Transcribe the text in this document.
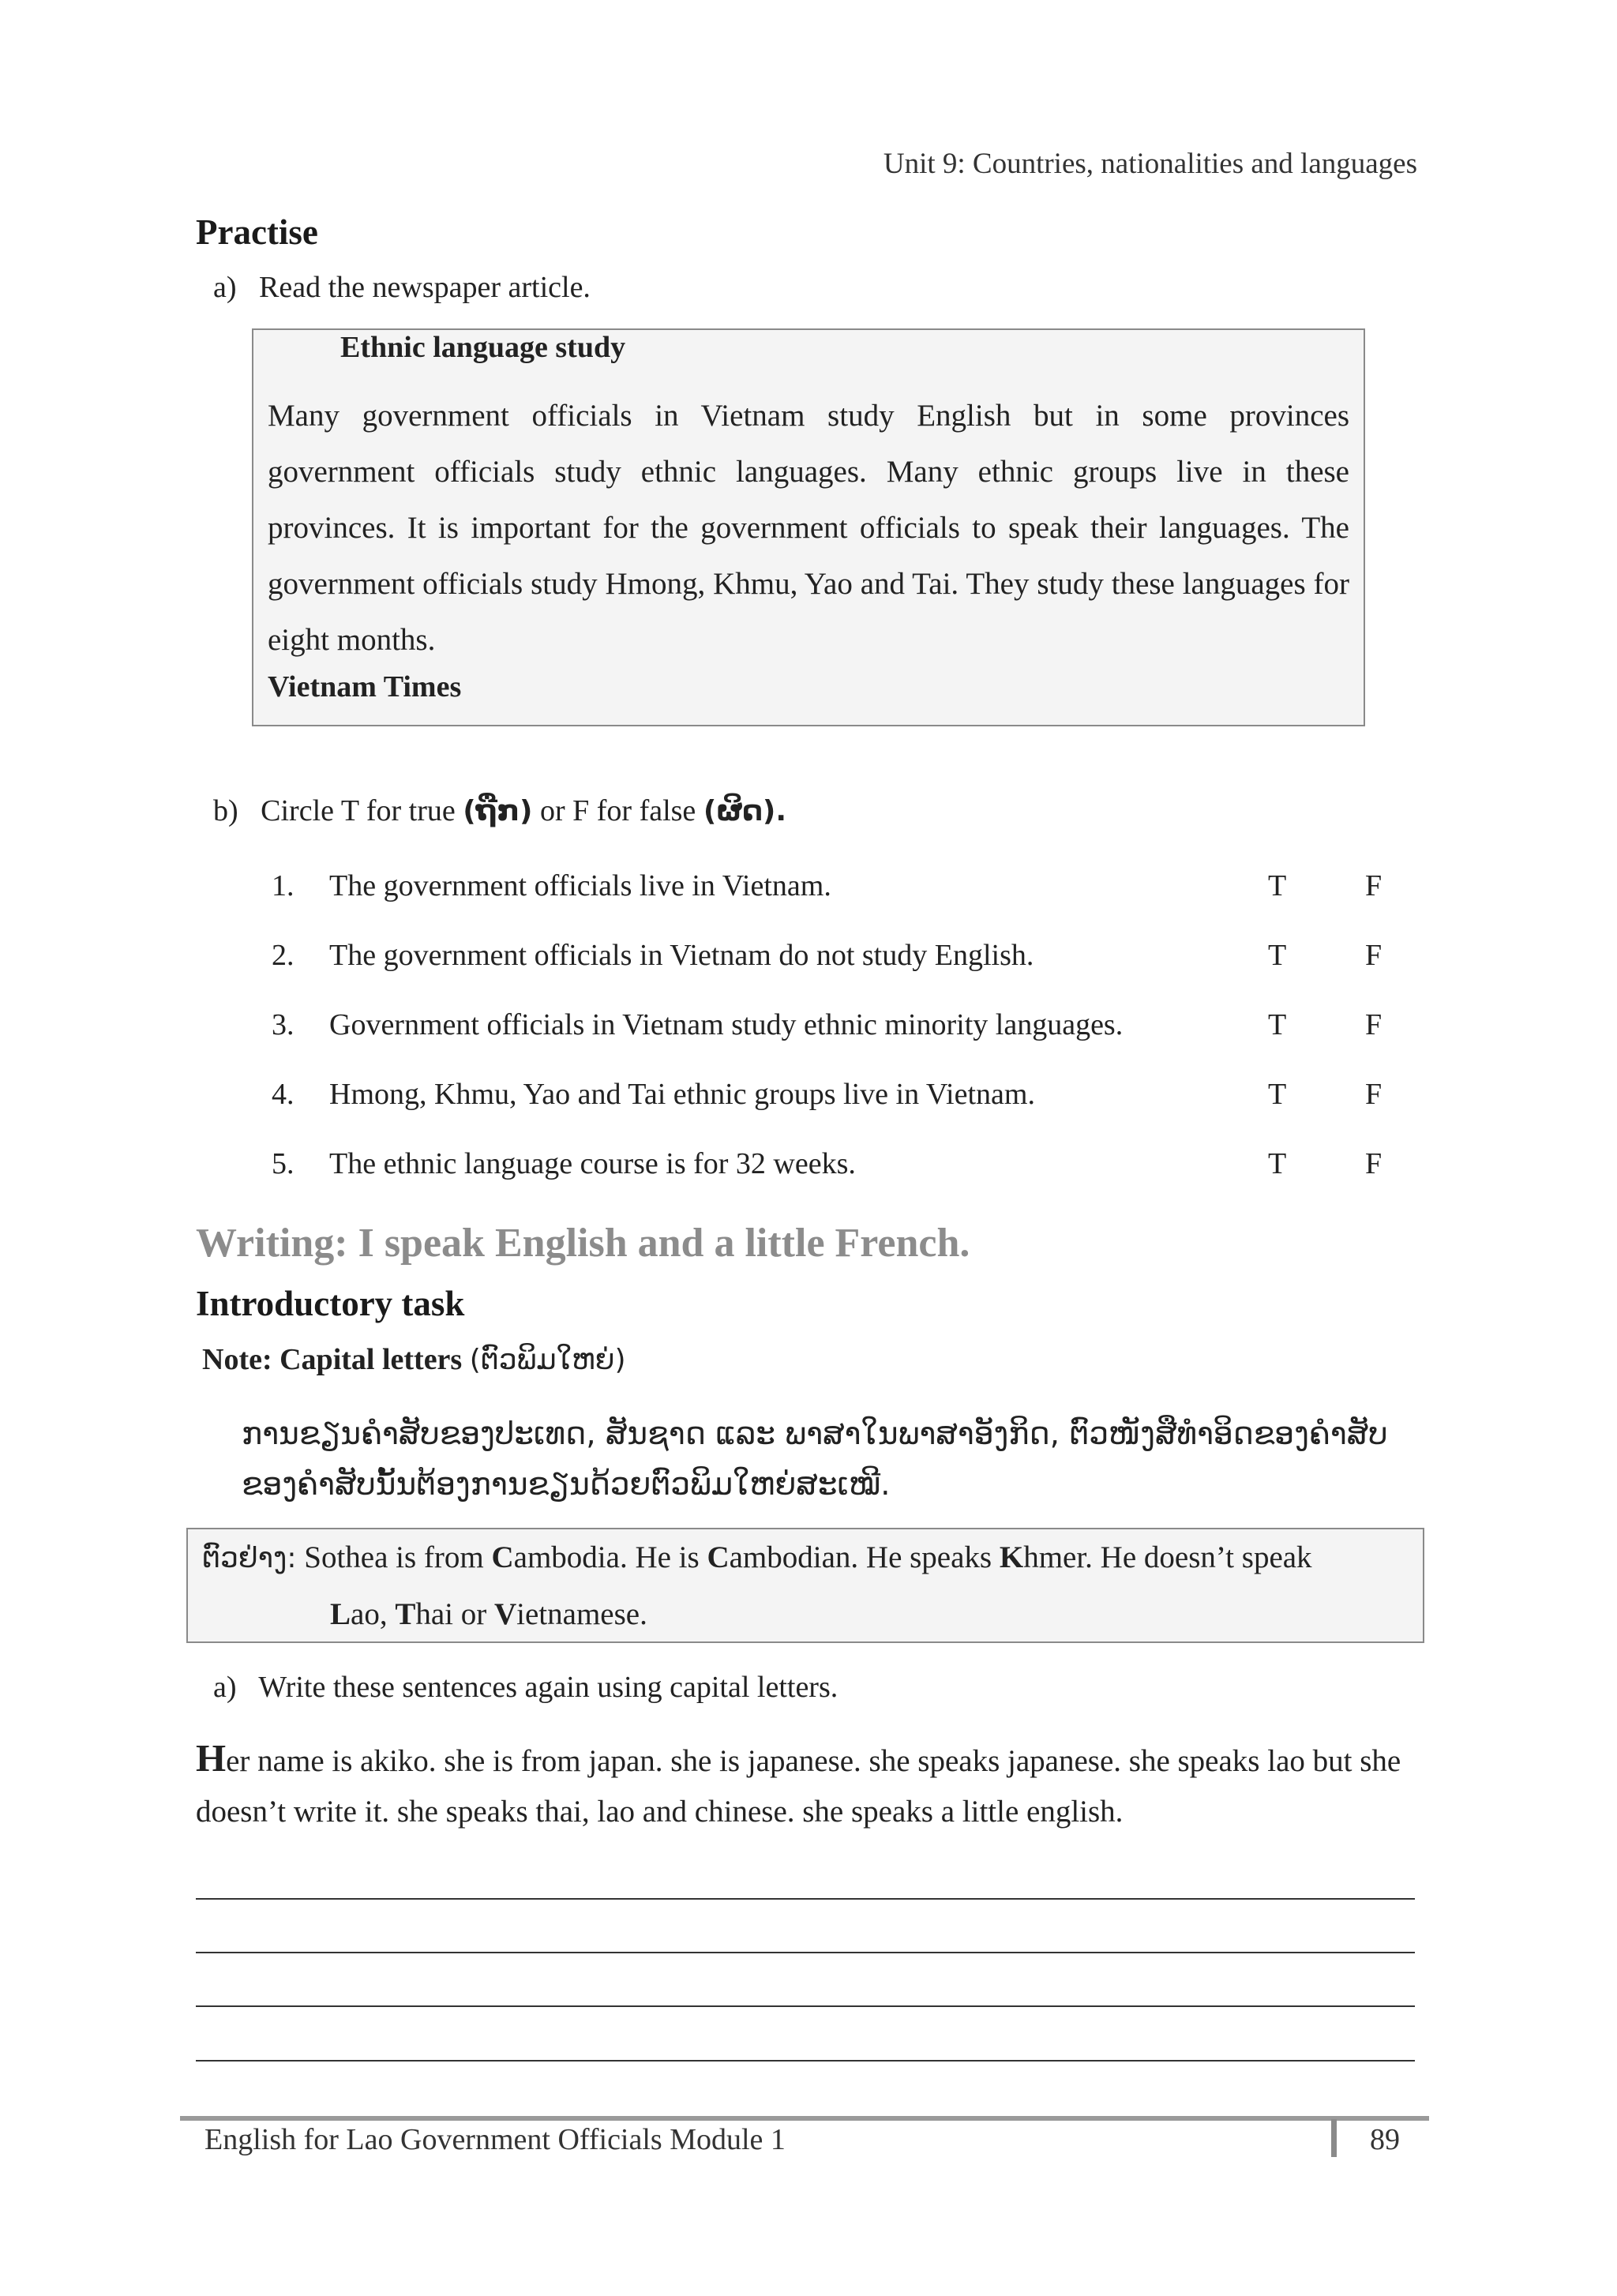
Unit 9: Countries, nationalities and languages
Practise
a)  Read the newspaper article.
Ethnic language study

Many government officials in Vietnam study English but in some provinces government officials study ethnic languages. Many ethnic groups live in these provinces. It is important for the government officials to speak their languages. The government officials study Hmong, Khmu, Yao and Tai. They study these languages for eight months.

Vietnam Times
b)  Circle T for true (ຖືກ) or F for false (ຜິດ).
1. The government officials live in Vietnam.	T	F
2. The government officials in Vietnam do not study English.	T	F
3. Government officials in Vietnam study ethnic minority languages.	T	F
4. Hmong, Khmu, Yao and Tai ethnic groups live in Vietnam.	T	F
5. The ethnic language course is for 32 weeks.	T	F
Writing: I speak English and a little French.
Introductory task
Note: Capital letters (ຕົວພິມໃຫຍ່)

ການຂຽນຄຳສັບຂອງປະເທດ, ສັນຊາດ ແລະ ພາສາໃນພາສາອັງກິດ, ຕົວໜັງສືທຳອິດຂອງຄຳສັບຂອງຄຳສັບນັ້ນຕ້ອງການຂຽນດ້ວຍຕົວພິມໃຫຍ່ສະເໝີ.

ຕົວຢ່າງ: Sothea is from Cambodia. He is Cambodian. He speaks Khmer. He doesn’t speak
Lao, Thai or Vietnamese.
a)  Write these sentences again using capital letters.

Her name is akiko. she is from japan. she is japanese. she speaks japanese. she speaks lao but she doesn’t write it. she speaks thai, lao and chinese. she speaks a little english.

English for Lao Government Officials Module 1	89
